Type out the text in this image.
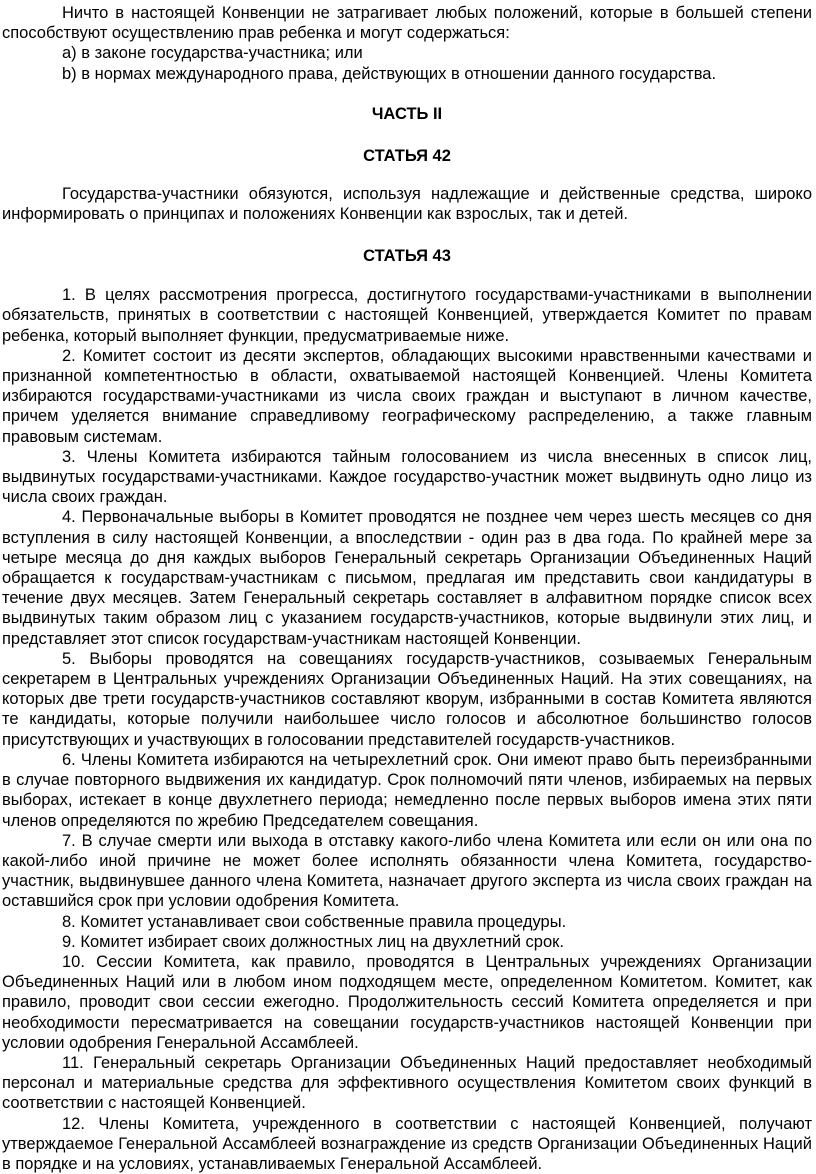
Ничто в настоящей Конвенции не затрагивает любых положений, которые в большей степени способствуют осуществлению прав ребенка и могут содержаться:

a) в законе государства-участника; или

b) в нормах международного права, действующих в отношении данного государства.

ЧАСТЬ II
СТАТЬЯ 42

Государства-участники обязуются, используя надлежащие и действенные средства, широко информировать о принципах и положениях Конвенции как взрослых, так и детей.

СТАТЬЯ 43

1. В целях рассмотрения прогресса, достигнутого государствами-участниками в выполнении обязательств, принятых в соответствии с настоящей Конвенцией, утверждается Комитет по правам ребенка, который выполняет функции, предусматриваемые ниже.

2. Комитет состоит из десяти экспертов, обладающих высокими нравственными качествами и признанной компетентностью в области, охватываемой настоящей Конвенцией. Члены Комитета избираются государствами-участниками из числа своих граждан и выступают в личном качестве, причем уделяется внимание справедливому географическому распределению, а также главным правовым системам.

3. Члены Комитета избираются тайным голосованием из числа внесенных в список лиц, выдвинутых государствами-участниками. Каждое государство-участник может выдвинуть одно лицо из числа своих граждан.

4. Первоначальные выборы в Комитет проводятся не позднее чем через шесть месяцев со дня вступления в силу настоящей Конвенции, а впоследствии - один раз в два года. По крайней мере за четыре месяца до дня каждых выборов Генеральный секретарь Организации Объединенных Наций обращается к государствам-участникам с письмом, предлагая им представить свои кандидатуры в течение двух месяцев. Затем Генеральный секретарь составляет в алфавитном порядке список всех выдвинутых таким образом лиц с указанием государств-участников, которые выдвинули этих лиц, и представляет этот список государствам-участникам настоящей Конвенции.

5. Выборы проводятся на совещаниях государств-участников, созываемых Генеральным секретарем в Центральных учреждениях Организации Объединенных Наций. На этих совещаниях, на которых две трети государств-участников составляют кворум, избранными в состав Комитета являются те кандидаты, которые получили наибольшее число голосов и абсолютное большинство голосов присутствующих и участвующих в голосовании представителей государств-участников.

6. Члены Комитета избираются на четырехлетний срок. Они имеют право быть переизбранными в случае повторного выдвижения их кандидатур. Срок полномочий пяти членов, избираемых на первых выборах, истекает в конце двухлетнего периода; немедленно после первых выборов имена этих пяти членов определяются по жребию Председателем совещания.

7. В случае смерти или выхода в отставку какого-либо члена Комитета или если он или она по какой-либо иной причине не может более исполнять обязанности члена Комитета, государство-участник, выдвинувшее данного члена Комитета, назначает другого эксперта из числа своих граждан на оставшийся срок при условии одобрения Комитета.

8. Комитет устанавливает свои собственные правила процедуры.

9. Комитет избирает своих должностных лиц на двухлетний срок.

10. Сессии Комитета, как правило, проводятся в Центральных учреждениях Организации Объединенных Наций или в любом ином подходящем месте, определенном Комитетом. Комитет, как правило, проводит свои сессии ежегодно. Продолжительность сессий Комитета определяется и при необходимости пересматривается на совещании государств-участников настоящей Конвенции при условии одобрения Генеральной Ассамблеей.

11. Генеральный секретарь Организации Объединенных Наций предоставляет необходимый персонал и материальные средства для эффективного осуществления Комитетом своих функций в соответствии с настоящей Конвенцией.

12. Члены Комитета, учрежденного в соответствии с настоящей Конвенцией, получают утверждаемое Генеральной Ассамблеей вознаграждение из средств Организации Объединенных Наций в порядке и на условиях, устанавливаемых Генеральной Ассамблеей.
